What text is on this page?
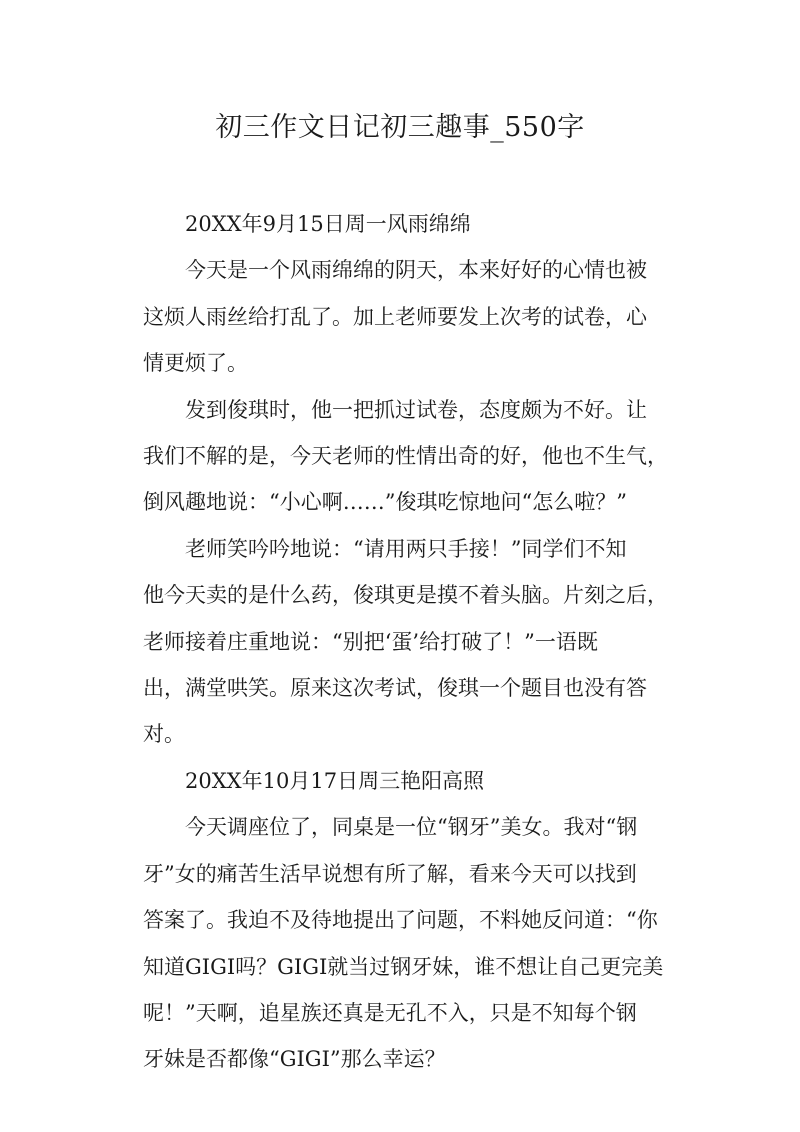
初三作文日记初三趣事_550字

20XX年9月15日周一风雨绵绵

今天是一个风雨绵绵的阴天，本来好好的心情也被
这烦人雨丝给打乱了。加上老师要发上次考的试卷，心
情更烦了。

发到俊琪时，他一把抓过试卷，态度颇为不好。让
我们不解的是，今天老师的性情出奇的好，他也不生气，
倒风趣地说：“小心啊……”俊琪吃惊地问“怎么啦？”

老师笑吟吟地说：“请用两只手接！”同学们不知
他今天卖的是什么药，俊琪更是摸不着头脑。片刻之后，
老师接着庄重地说：“别把‘蛋’给打破了！”一语既
出，满堂哄笑。原来这次考试，俊琪一个题目也没有答
对。

20XX年10月17日周三艳阳高照

今天调座位了，同桌是一位“钢牙”美女。我对“钢
牙”女的痛苦生活早说想有所了解，看来今天可以找到
答案了。我迫不及待地提出了问题，不料她反问道：“你
知道GIGI吗？GIGI就当过钢牙妹，谁不想让自己更完美
呢！”天啊，追星族还真是无孔不入，只是不知每个钢
牙妹是否都像“GIGI”那么幸运？
